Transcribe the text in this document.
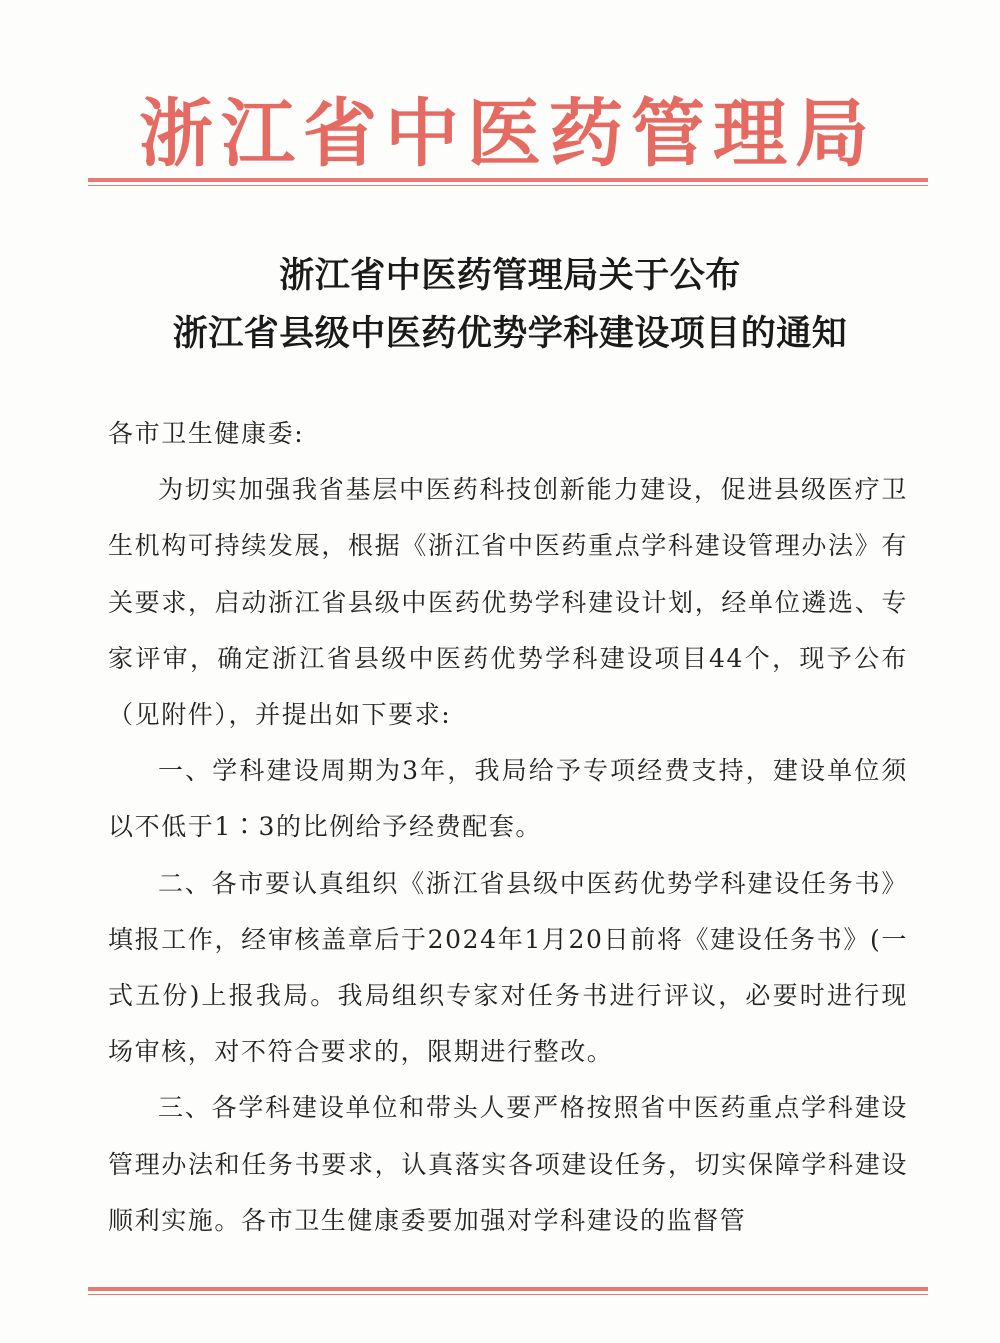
浙江省中医药管理局
浙江省中医药管理局关于公布
浙江省县级中医药优势学科建设项目的通知

各市卫生健康委:

为切实加强我省基层中医药科技创新能力建设，促进县级医疗卫生机构可持续发展，根据《浙江省中医药重点学科建设管理办法》有关要求，启动浙江省县级中医药优势学科建设计划，经单位遴选、专家评审，确定浙江省县级中医药优势学科建设项目44个，现予公布（见附件），并提出如下要求:

一、学科建设周期为3年，我局给予专项经费支持，建设单位须以不低于1∶3的比例给予经费配套。

二、各市要认真组织《浙江省县级中医药优势学科建设任务书》填报工作，经审核盖章后于2024年1月20日前将《建设任务书》(一式五份)上报我局。我局组织专家对任务书进行评议，必要时进行现场审核，对不符合要求的，限期进行整改。

三、各学科建设单位和带头人要严格按照省中医药重点学科建设管理办法和任务书要求，认真落实各项建设任务，切实保障学科建设顺利实施。各市卫生健康委要加强对学科建设的监督管
